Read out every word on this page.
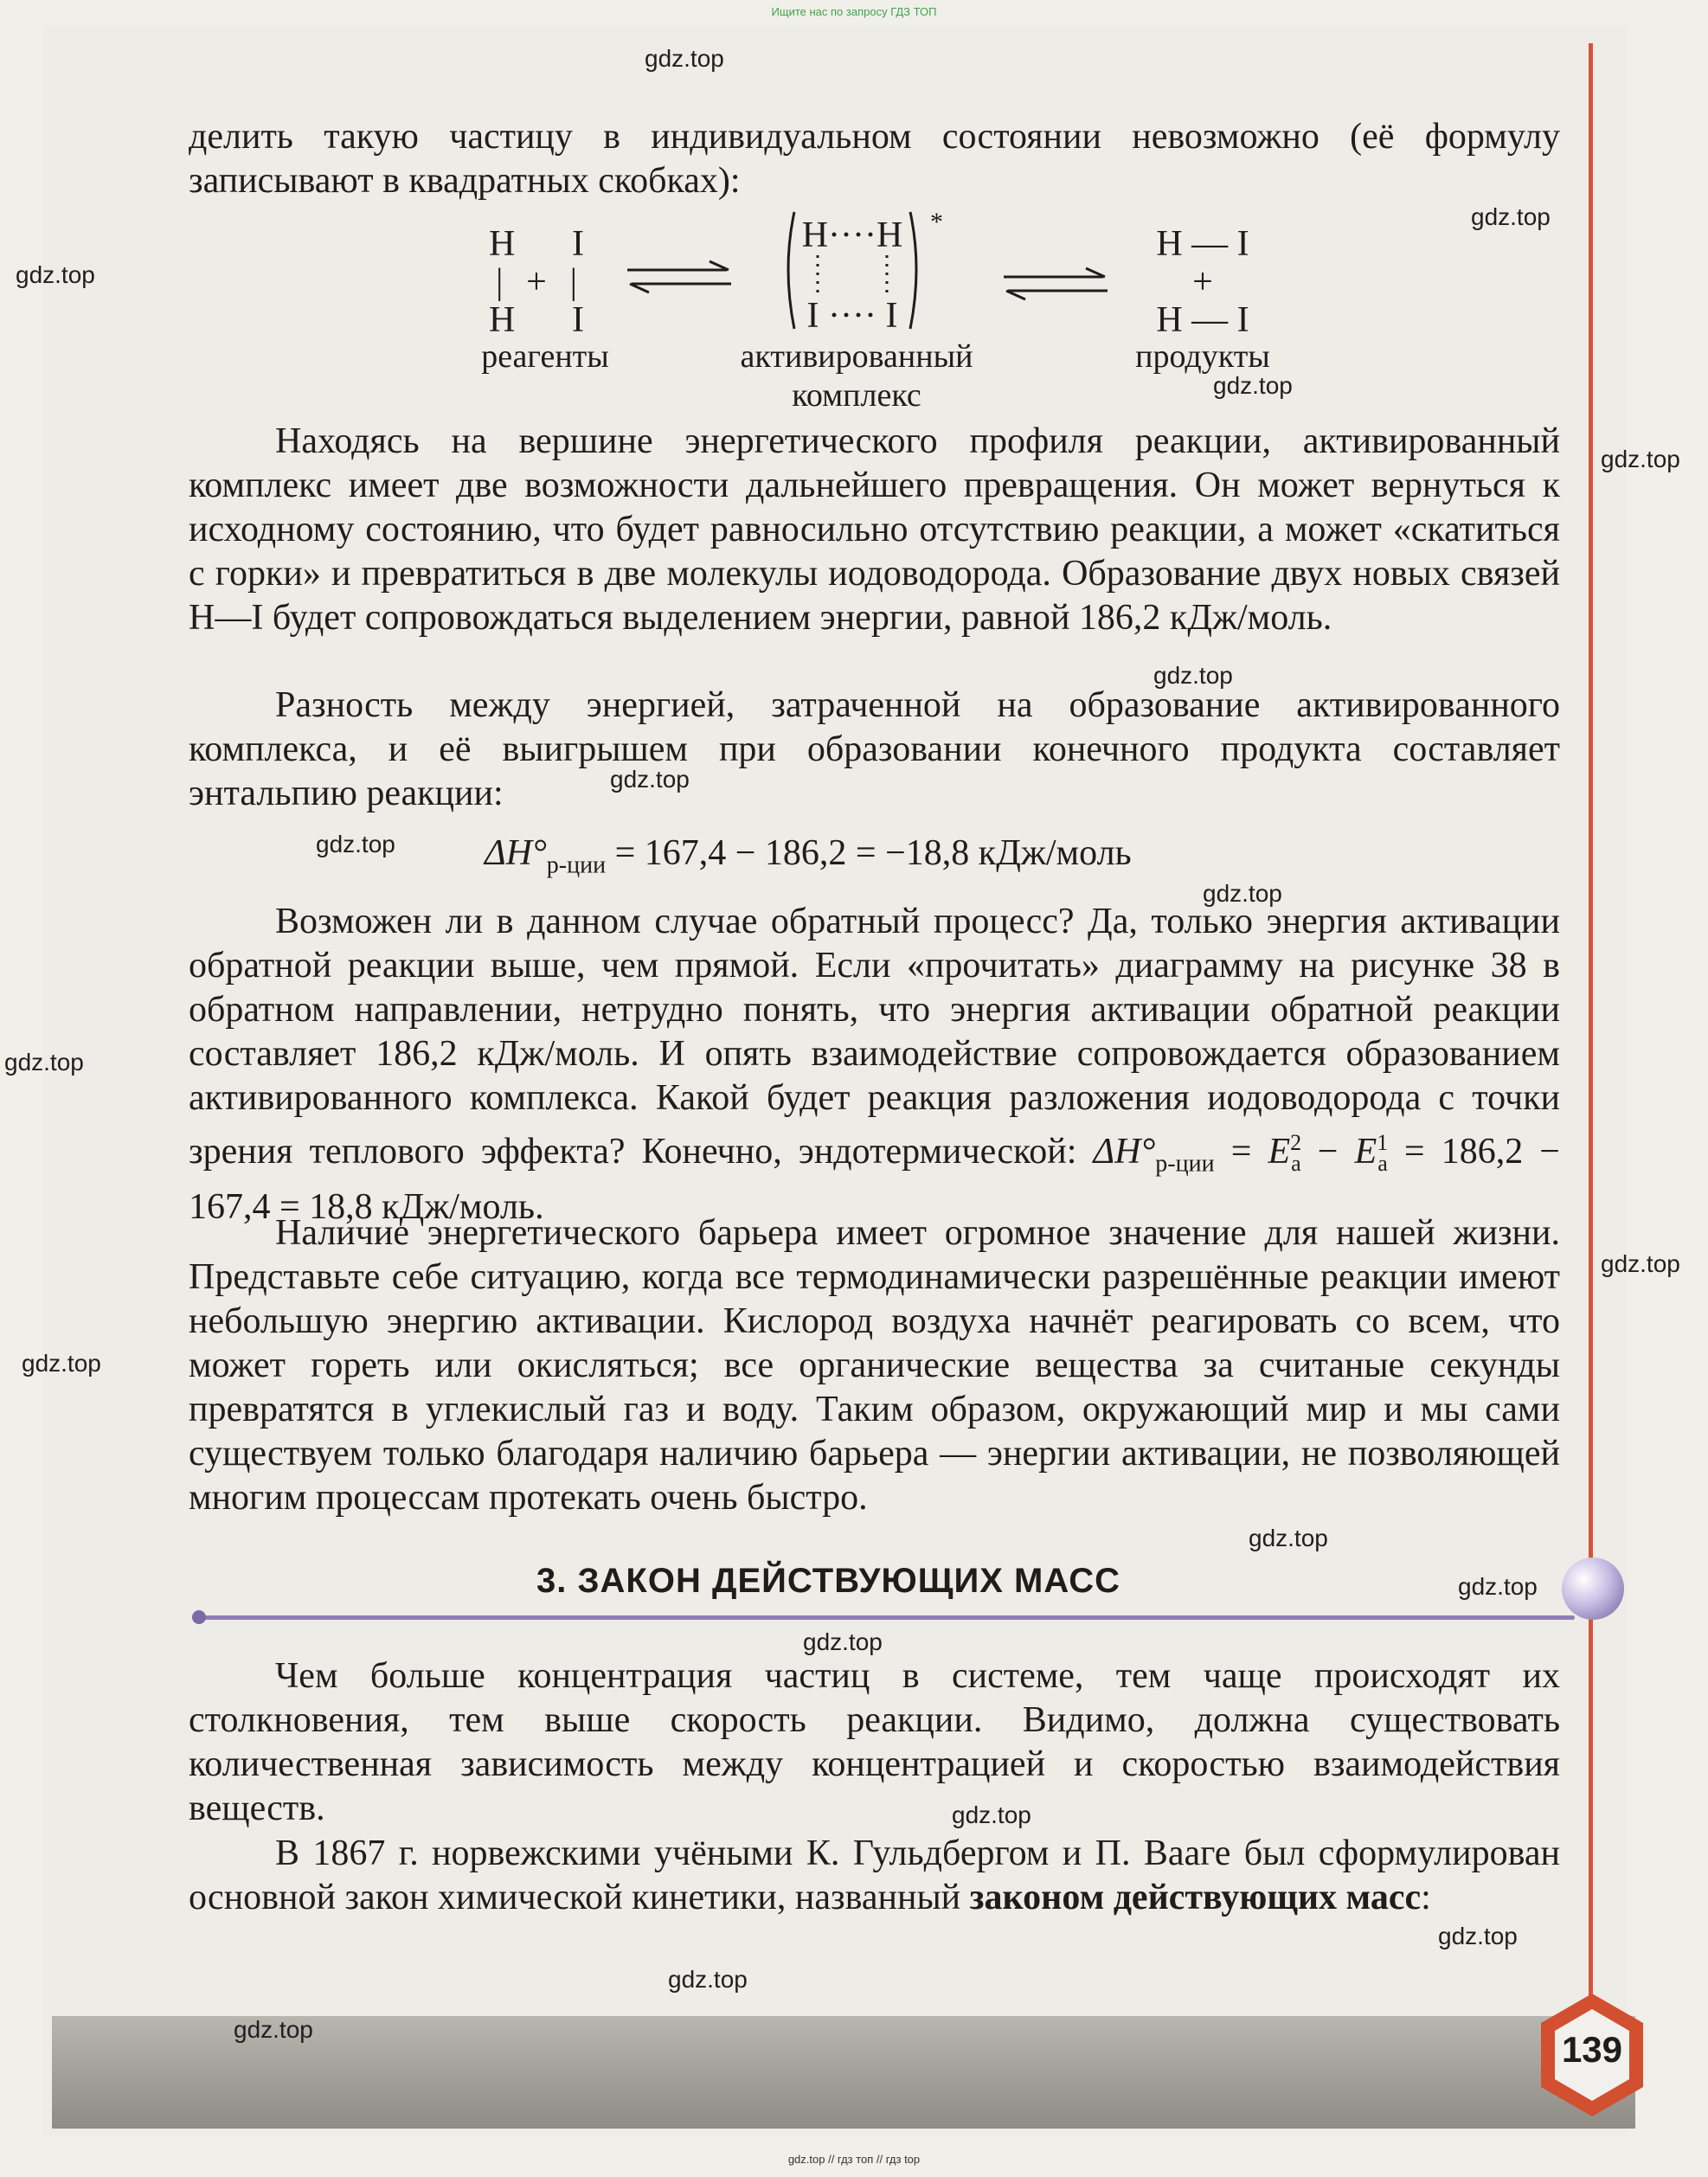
Ищите нас по запросу ГДЗ ТОП

делить такую частицу в индивидуальном состоянии невозможно (её формулу записывают в квадратных скобках):

H I
| + |
H I
реагенты
H····H
I ···· I
*
активированный
комплекс
H — I
+
H — I
продукты

Находясь на вершине энергетического профиля реакции, активированный комплекс имеет две возможности дальнейшего превращения. Он может вернуться к исходному состоянию, что будет равносильно отсутствию реакции, а может «скатиться с горки» и превратиться в две молекулы иодоводорода. Образование двух новых связей H—I будет сопровождаться выделением энергии, равной 186,2 кДж/моль.

Разность между энергией, затраченной на образование активированного комплекса, и её выигрышем при образовании конечного продукта составляет энтальпию реакции:

$\Delta H^\circ_{р-ции} = 167,4 - 186,2 = -18,8$ кДж/моль

Возможен ли в данном случае обратный процесс? Да, только энергия активации обратной реакции выше, чем прямой. Если «прочитать» диаграмму на рисунке 38 в обратном направлении, нетрудно понять, что энергия активации обратной реакции составляет 186,2 кДж/моль. И опять взаимодействие сопровождается образованием активированного комплекса. Какой будет реакция разложения иодоводорода с точки зрения теплового эффекта? Конечно, эндотермической: $\Delta H^\circ_{р-ции} = E^2_а - E^1_а = 186,2 - 167,4 = 18,8$ кДж/моль.

Наличие энергетического барьера имеет огромное значение для нашей жизни. Представьте себе ситуацию, когда все термодинамически разрешённые реакции имеют небольшую энергию активации. Кислород воздуха начнёт реагировать со всем, что может гореть или окисляться; все органические вещества за считаные секунды превратятся в углекислый газ и воду. Таким образом, окружающий мир и мы сами существуем только благодаря наличию барьера — энергии активации, не позволяющей многим процессам протекать очень быстро.

3. ЗАКОН ДЕЙСТВУЮЩИХ МАСС

Чем больше концентрация частиц в системе, тем чаще происходят их столкновения, тем выше скорость реакции. Видимо, должна существовать количественная зависимость между концентрацией и скоростью взаимодействия веществ.

В 1867 г. норвежскими учёными К. Гульдбергом и П. Вааге был сформулирован основной закон химической кинетики, названный законом действующих масс:

139
gdz.top
gdz.top
gdz.top
gdz.top
gdz.top
gdz.top
gdz.top
gdz.top
gdz.top
gdz.top
gdz.top
gdz.top
gdz.top
gdz.top
gdz.top
gdz.top
gdz.top
gdz.top
gdz.top
gdz.top // гдз топ // гдз top
